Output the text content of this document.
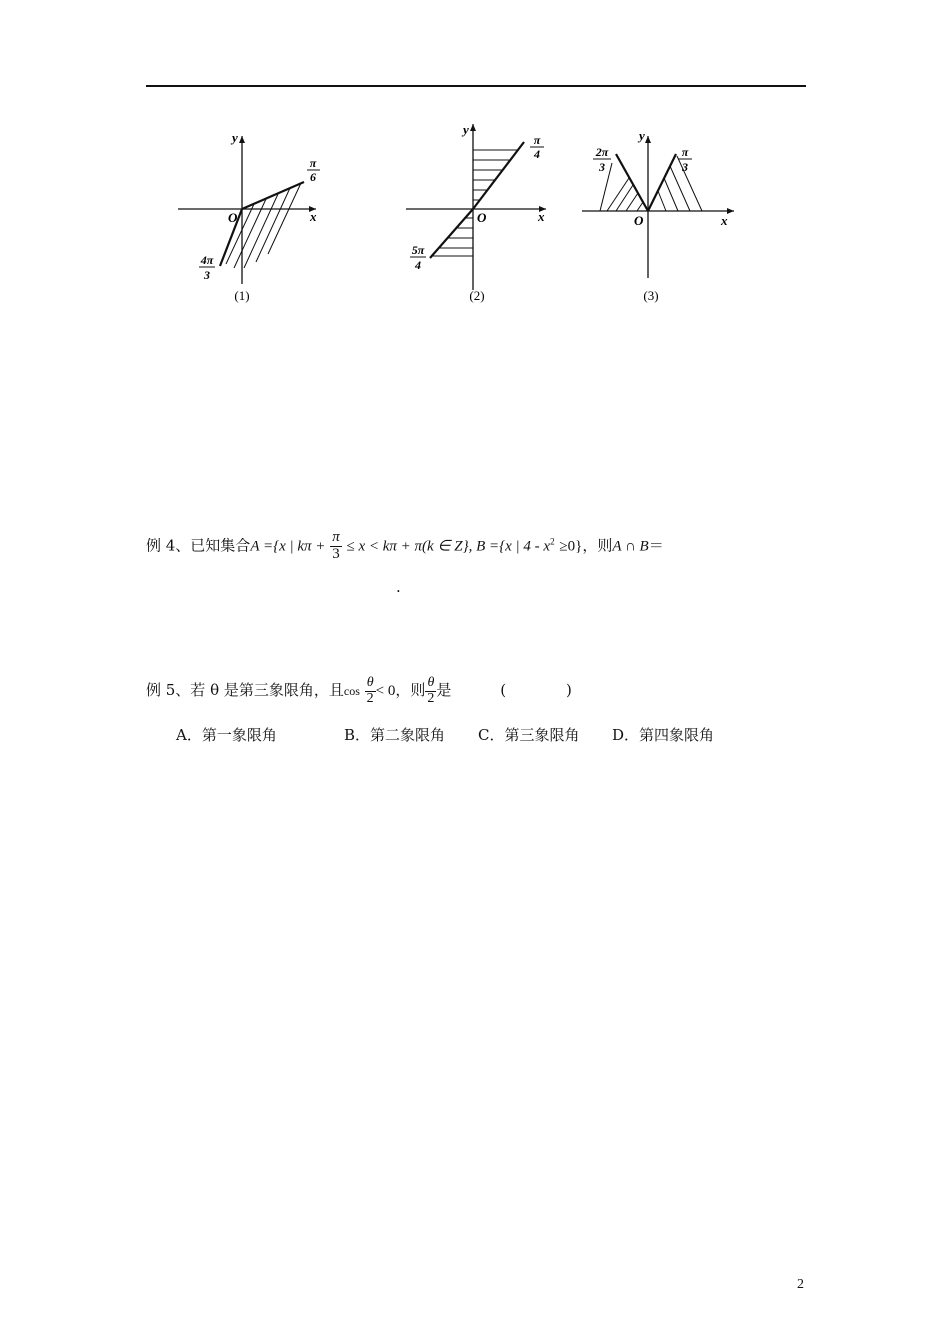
y
x
O
π
6
4π
3
(1)
y
x
O
π
4
5π
4
(2)
y
x
O
2π
3
π
3
(3)
例 4、已知集合A ={x | $k\pi + \frac{\pi}{3} \le x < k\pi + \pi(k$ ∈ Z}, B ={x | $4 - x^2 \ge 0$}，则A ∩ B＝
.
例 5、若 θ 是第三象限角，且$\cos \frac{\theta}{2} < 0$，则 $\frac{\theta}{2}$ 是	(　　　　)
A．第一象限角	B．第二象限角 C．第三象限角 D．第四象限角
2
